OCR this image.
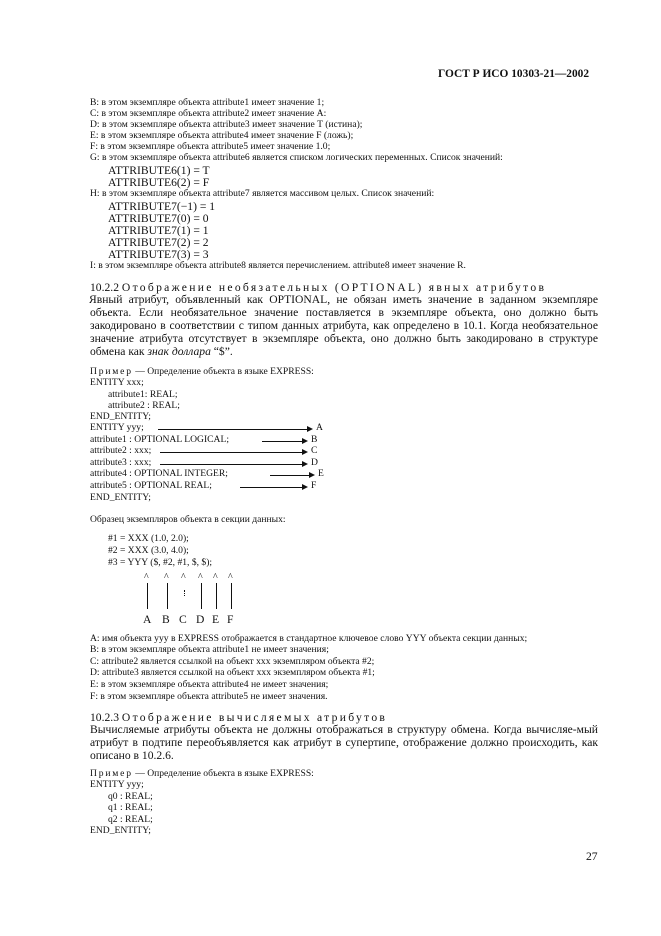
ГОСТ Р ИСО 10303-21—2002
B: в этом экземпляре объекта attribute1 имеет значение 1;
C: в этом экземпляре объекта attribute2 имеет значение A:
D: в этом экземпляре объекта attribute3 имеет значение T (истина);
E: в этом экземпляре объекта attribute4 имеет значение F (ложь);
F: в этом экземпляре объекта attribute5 имеет значение 1.0;
G: в этом экземпляре объекта attribute6 является списком логических переменных. Список значений:
ATTRIBUTE6(1) = T
ATTRIBUTE6(2) = F
H: в этом экземпляре объекта attribute7 является массивом целых. Список значений:
ATTRIBUTE7(−1) = 1
ATTRIBUTE7(0) = 0
ATTRIBUTE7(1) = 1
ATTRIBUTE7(2) = 2
ATTRIBUTE7(3) = 3
I: в этом экземпляре объекта attribute8 является перечислением. attribute8 имеет значение R.
10.2.2 Отображение необязательных (OPTIONAL) явных атрибутов
Явный атрибут, объявленный как OPTIONAL, не обязан иметь значение в заданном экземпляре объекта. Если необязательное значение поставляется в экземпляре объекта, оно должно быть закодировано в соответствии с типом данных атрибута, как определено в 10.1. Когда необязательное значение атрибута отсутствует в экземпляре объекта, оно должно быть закодировано в структуре обмена как знак доллара “$”.
Пример — Определение объекта в языке EXPRESS:
ENTITY xxx;
attribute1: REAL;
attribute2 : REAL;
END_ENTITY;
ENTITY yyy;
attribute1 : OPTIONAL LOGICAL;
attribute2 : xxx;
attribute3 : xxx;
attribute4 : OPTIONAL INTEGER;
attribute5 : OPTIONAL REAL;
END_ENTITY;
A
B
C
D
E
F
Образец экземпляров объекта в секции данных:
#1 = XXX (1.0, 2.0);
#2 = XXX (3.0, 4.0);
#3 = YYY ($, #2, #1, $, $);
^ ^ ^ ^ ^ ^
A B C D E F
A: имя объекта yyy в EXPRESS отображается в стандартное ключевое слово YYY объекта секции данных;
B: в этом экземпляре объекта attribute1 не имеет значения;
C: attribute2 является ссылкой на объект xxx экземпляром объекта #2;
D: attribute3 является ссылкой на объект xxx экземпляром объекта #1;
E: в этом экземпляре объекта attribute4 не имеет значения;
F: в этом экземпляре объекта attribute5 не имеет значения.
10.2.3 Отображение вычисляемых атрибутов
Вычисляемые атрибуты объекта не должны отображаться в структуру обмена. Когда вычисляе-мый атрибут в подтипе переобъявляется как атрибут в супертипе, отображение должно происходить, как описано в 10.2.6.
Пример — Определение объекта в языке EXPRESS:
ENTITY yyy;
q0 : REAL;
q1 : REAL;
q2 : REAL;
END_ENTITY;
27
